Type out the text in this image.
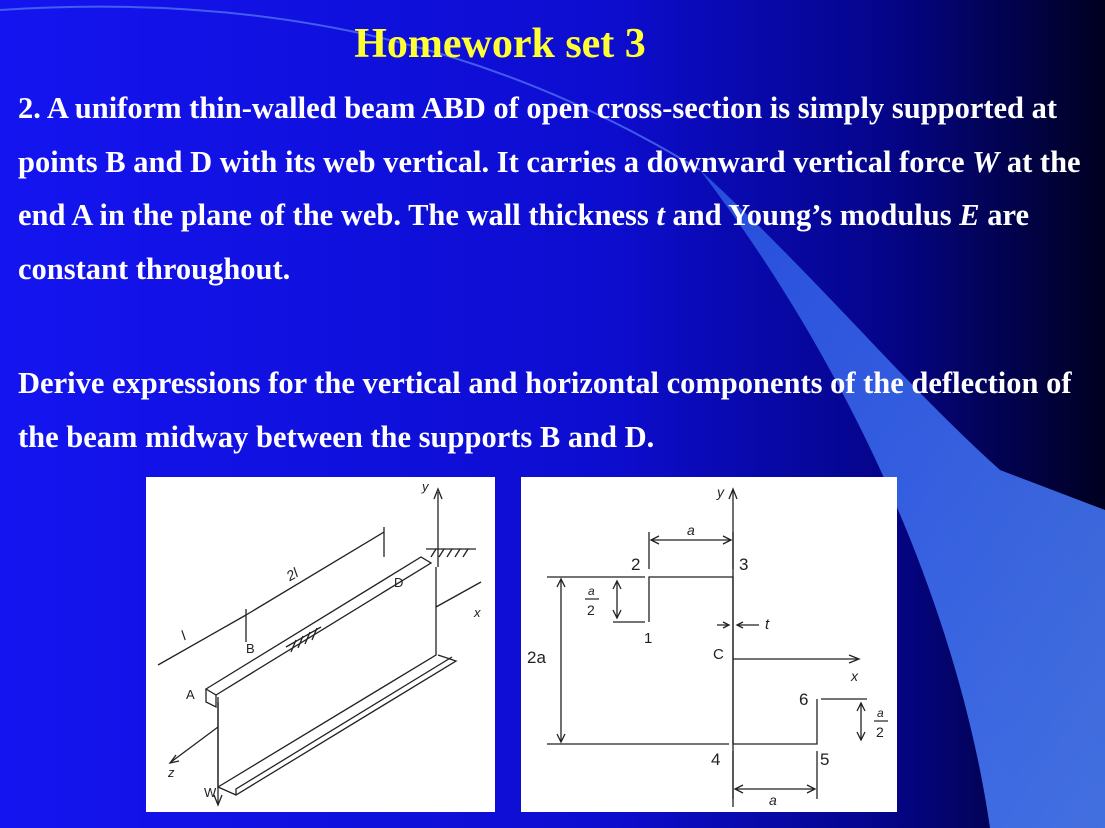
Homework set 3

2. A uniform thin-walled beam ABD of open cross-section is simply supported at points B and D with its web vertical. It carries a downward vertical force W at the end A in the plane of the web. The wall thickness t and Young’s modulus E are constant throughout.

Derive expressions for the vertical and horizontal components of the deflection of the beam midway between the supports B and D.

y
x
z
2l
l
A
B
D
W
y
x
a
a
2a
a
2
a
2
t
C
1
2	3
4	5
6
